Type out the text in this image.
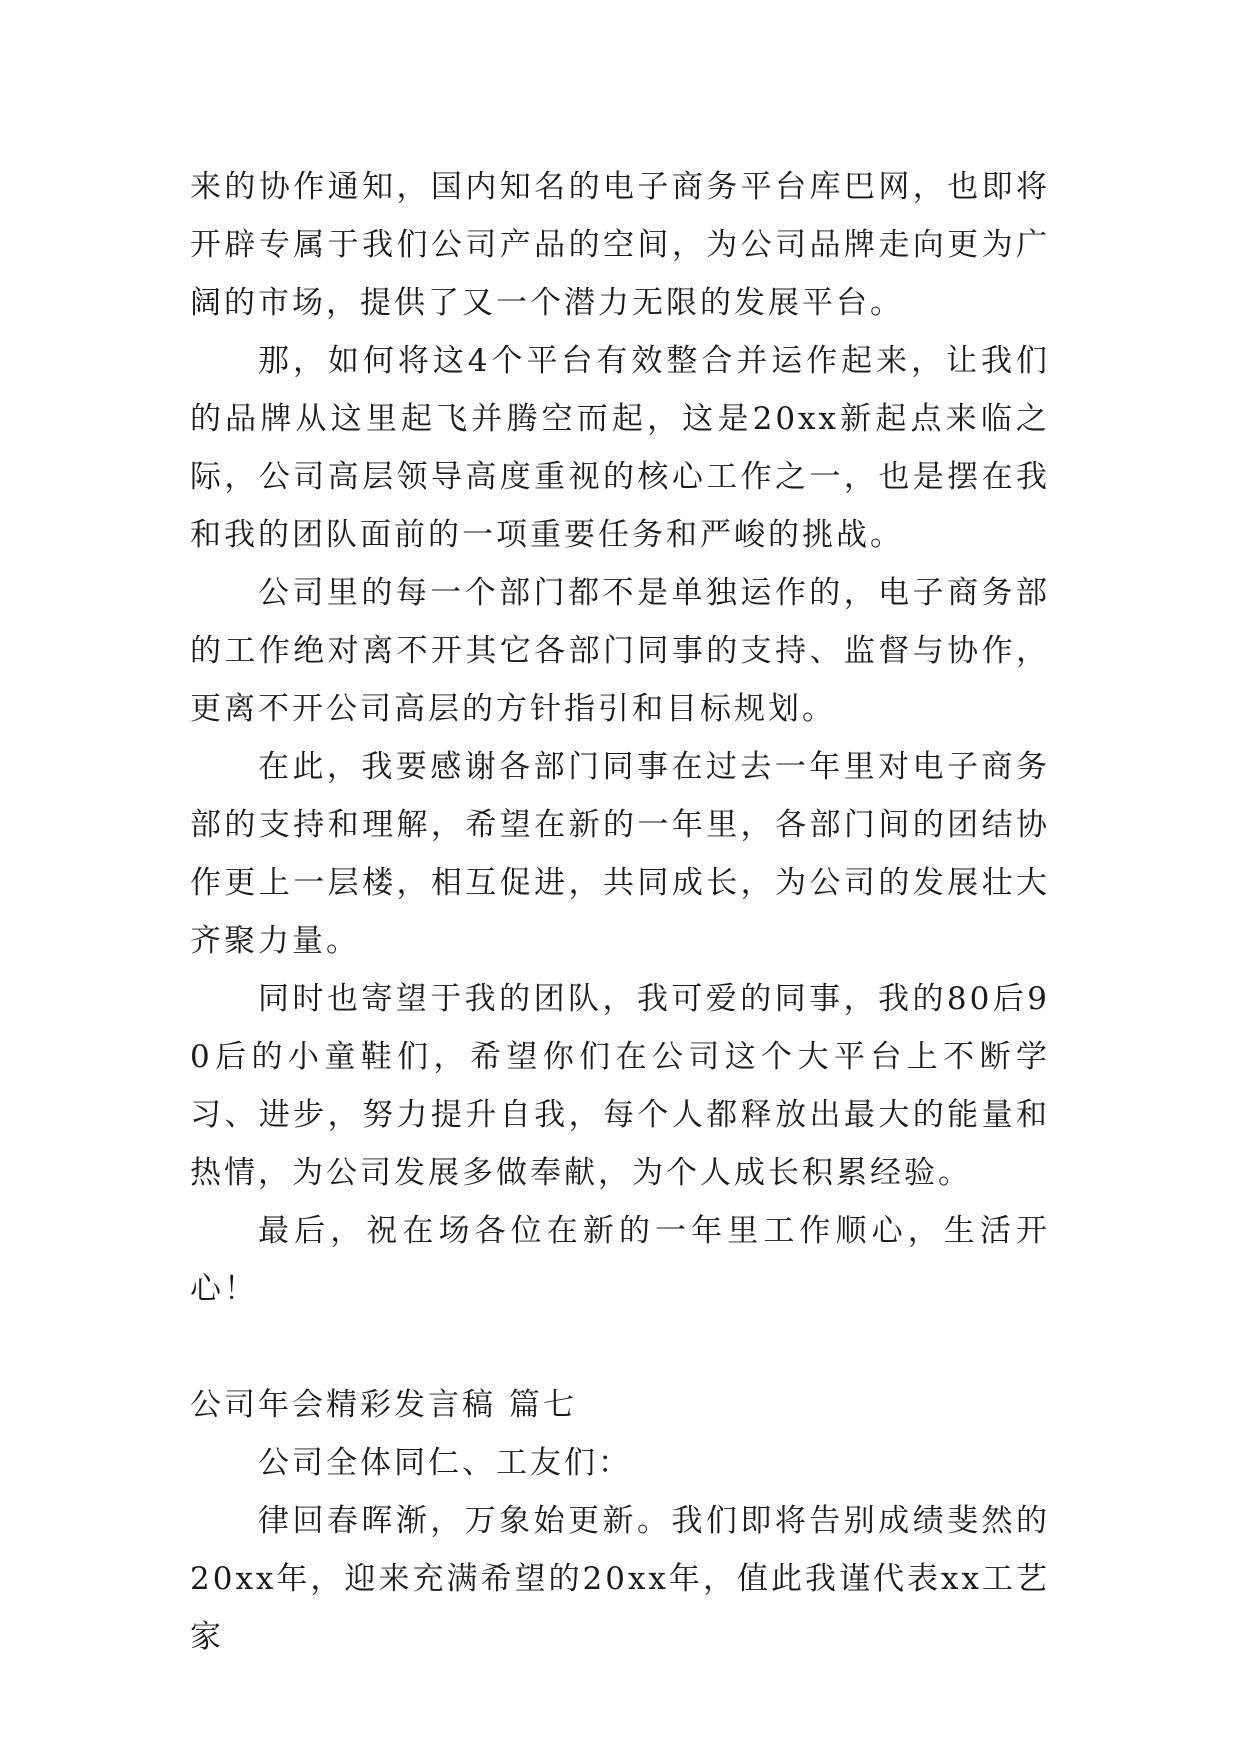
来的协作通知，国内知名的电子商务平台库巴网，也即将开辟专属于我们公司产品的空间，为公司品牌走向更为广阔的市场，提供了又一个潜力无限的发展平台。

那，如何将这4个平台有效整合并运作起来，让我们的品牌从这里起飞并腾空而起，这是20xx新起点来临之际，公司高层领导高度重视的核心工作之一，也是摆在我和我的团队面前的一项重要任务和严峻的挑战。

公司里的每一个部门都不是单独运作的，电子商务部的工作绝对离不开其它各部门同事的支持、监督与协作，更离不开公司高层的方针指引和目标规划。

在此，我要感谢各部门同事在过去一年里对电子商务部的支持和理解，希望在新的一年里，各部门间的团结协作更上一层楼，相互促进，共同成长，为公司的发展壮大齐聚力量。

同时也寄望于我的团队，我可爱的同事，我的80后90后的小童鞋们，希望你们在公司这个大平台上不断学习、进步，努力提升自我，每个人都释放出最大的能量和热情，为公司发展多做奉献，为个人成长积累经验。

最后，祝在场各位在新的一年里工作顺心，生活开心！

公司年会精彩发言稿 篇七

公司全体同仁、工友们：

律回春晖渐，万象始更新。我们即将告别成绩斐然的20xx年，迎来充满希望的20xx年，值此我谨代表xx工艺家
